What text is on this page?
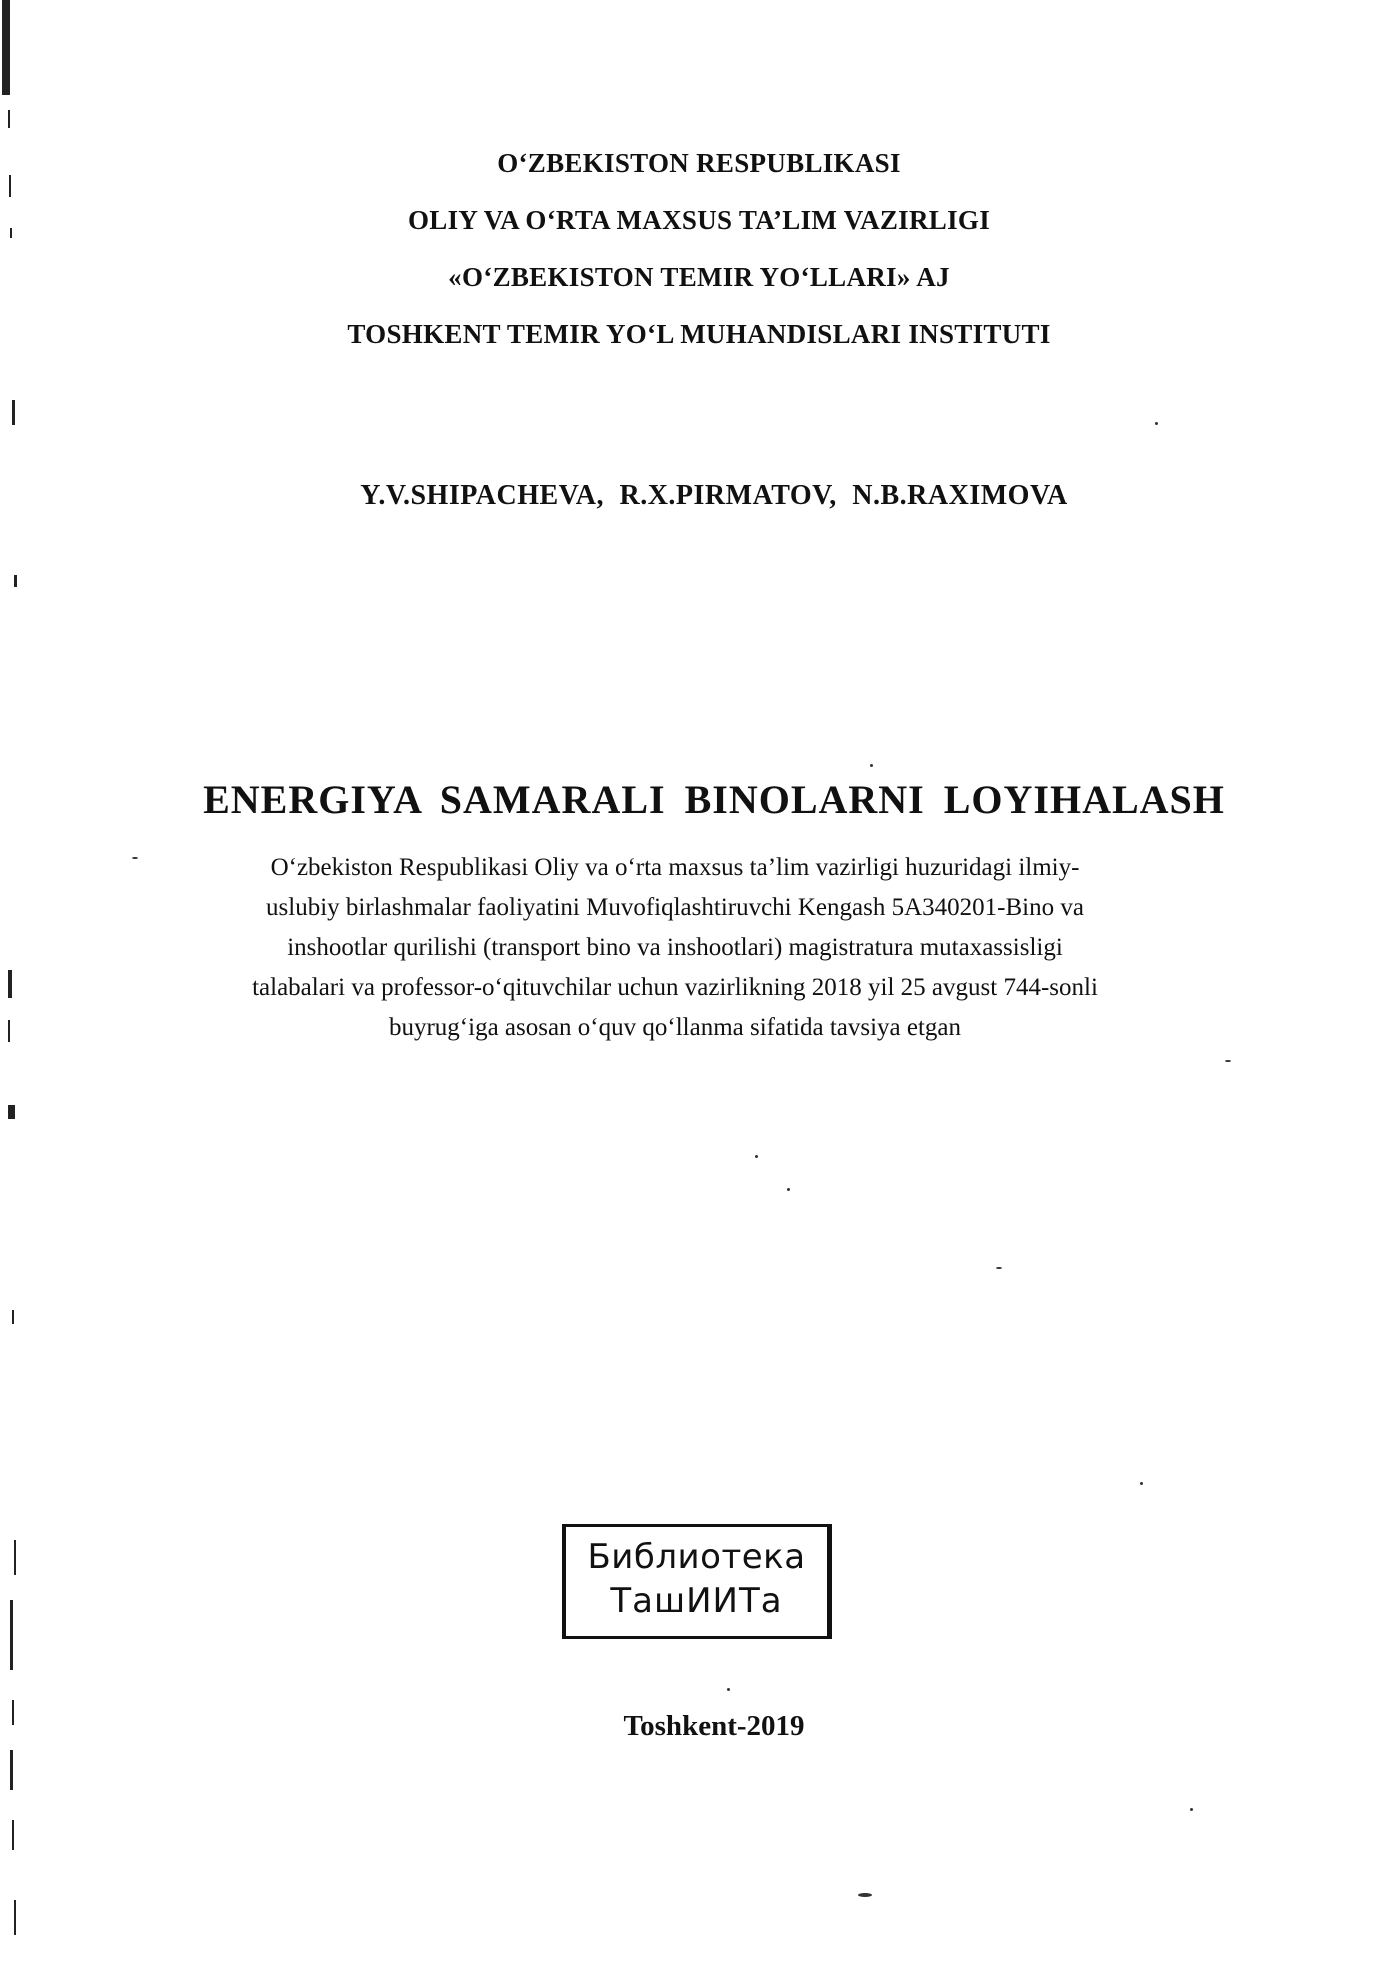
O‘ZBEKISTON RESPUBLIKASI
OLIY VA O‘RTA MAXSUS TA’LIM VAZIRLIGI
«O‘ZBEKISTON TEMIR YO‘LLARI» AJ
TOSHKENT TEMIR YO‘L MUHANDISLARI INSTITUTI
Y.V.SHIPACHEVA, R.X.PIRMATOV, N.B.RAXIMOVA
ENERGIYA SAMARALI BINOLARNI LOYIHALASH
O‘zbekiston Respublikasi Oliy va o‘rta maxsus ta’lim vazirligi huzuridagi ilmiy-
uslubiy birlashmalar faoliyatini Muvofiqlashtiruvchi Kengash 5A340201-Bino va
inshootlar qurilishi (transport bino va inshootlari) magistratura mutaxassisligi
talabalari va professor-o‘qituvchilar uchun vazirlikning 2018 yil 25 avgust 744-sonli
buyrug‘iga asosan o‘quv qo‘llanma sifatida tavsiya etgan
Библиотека
ТашИИТа
Toshkent-2019
